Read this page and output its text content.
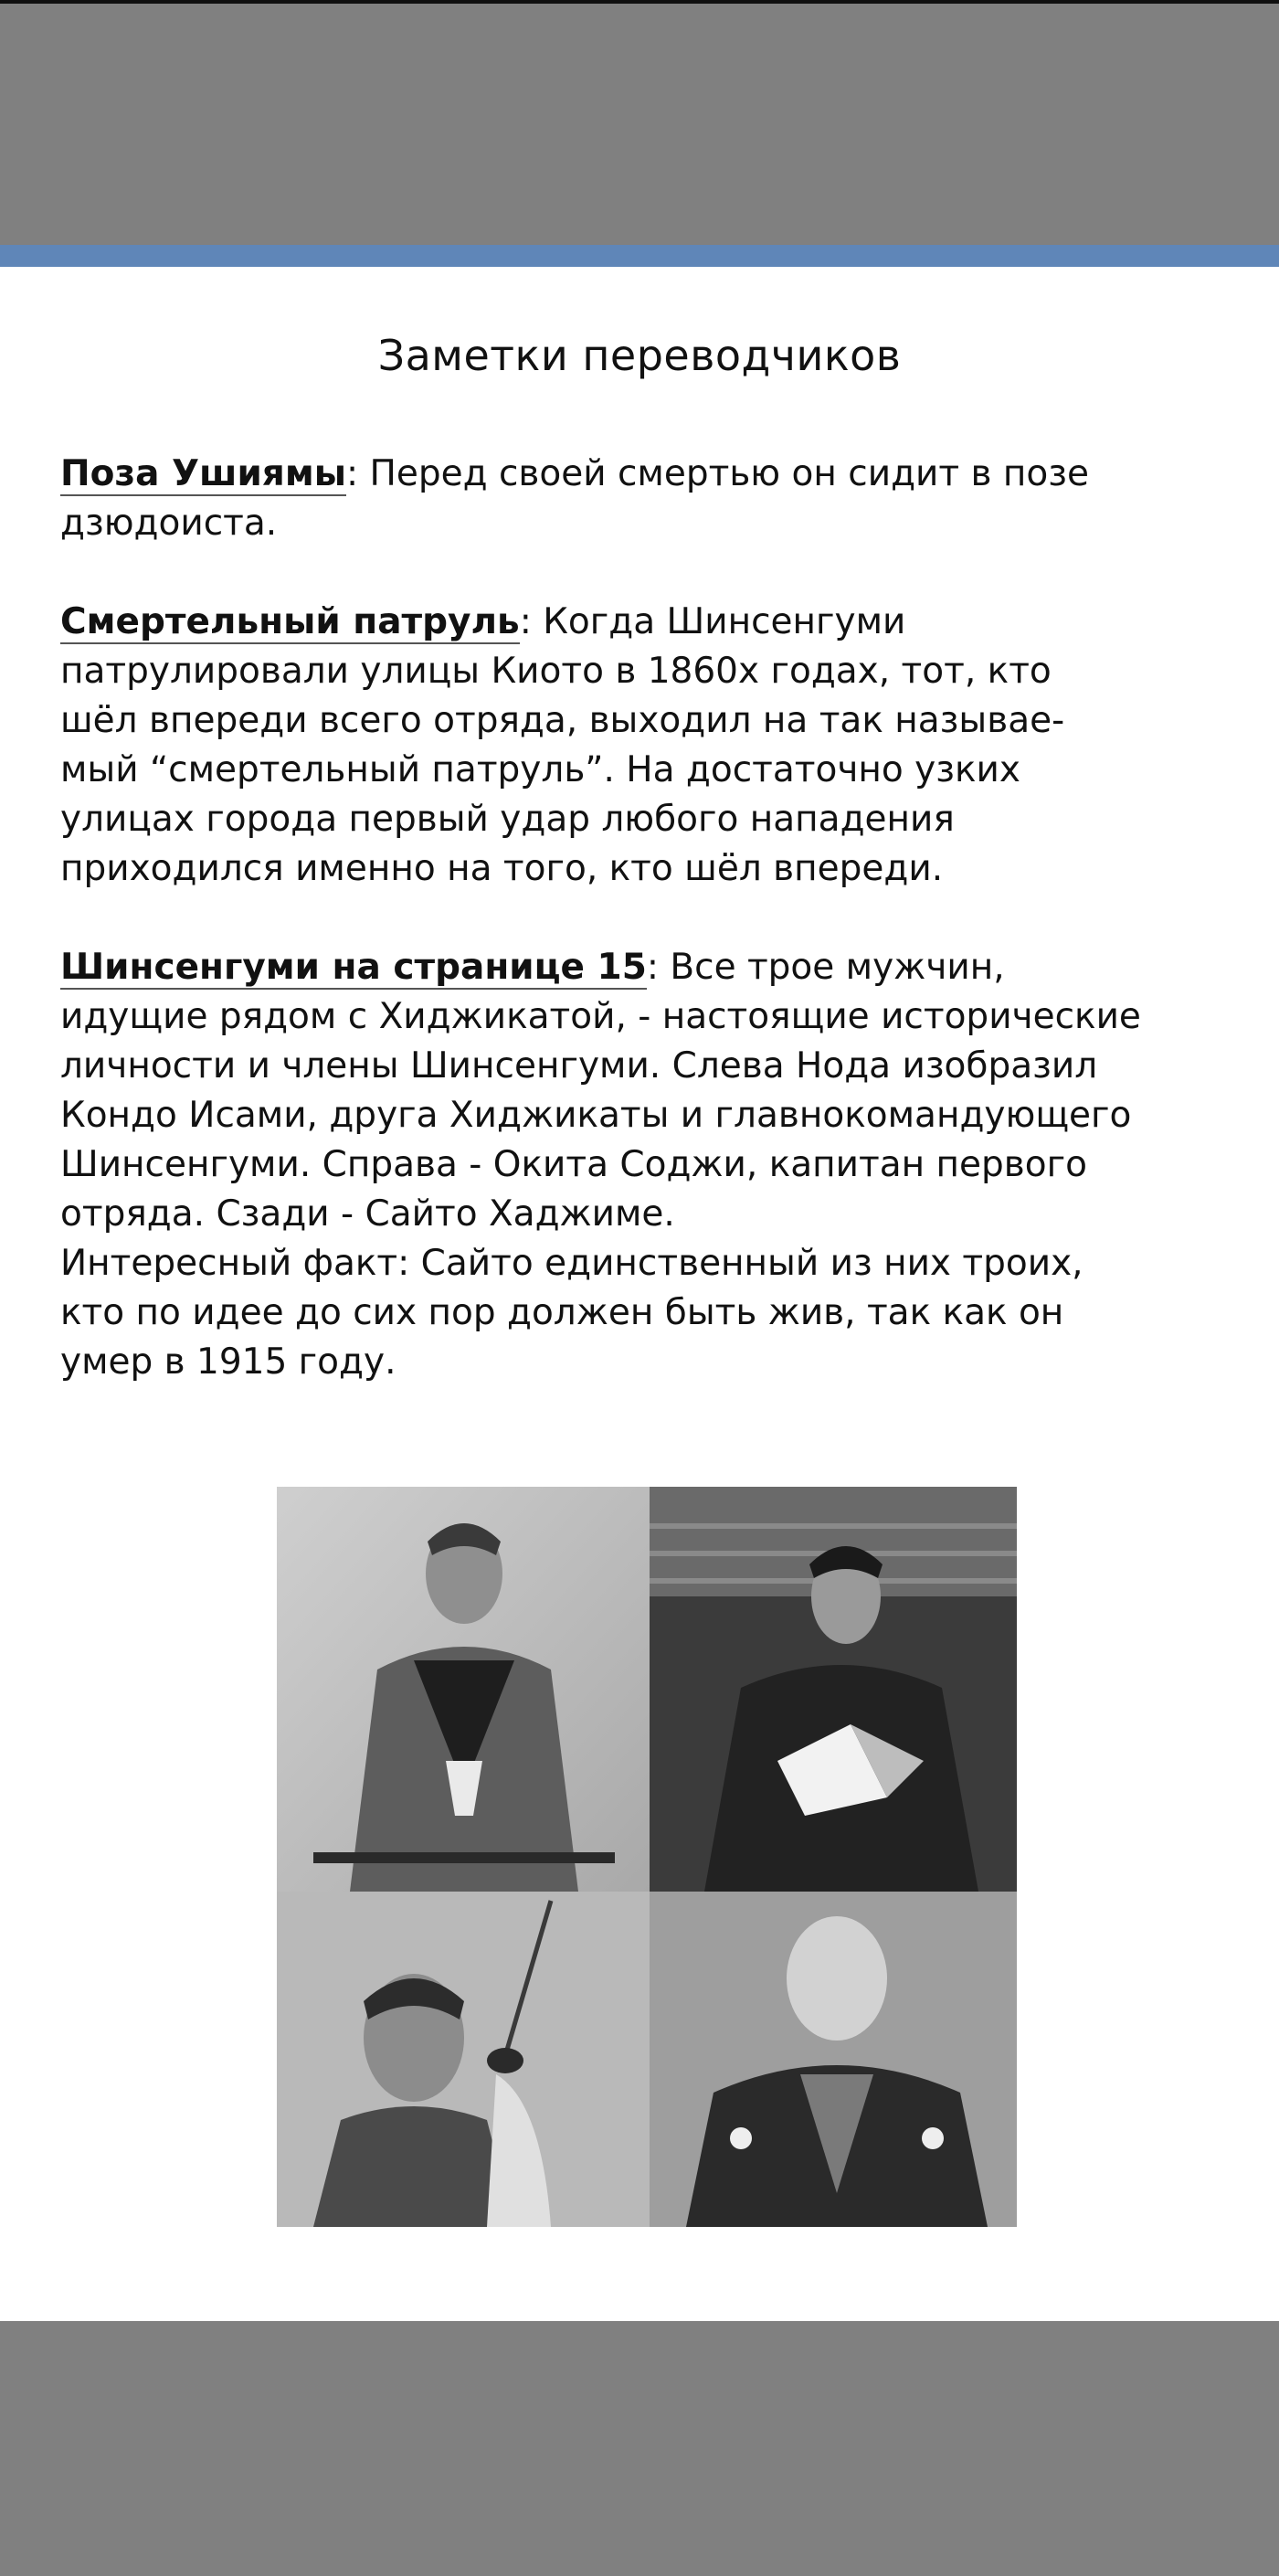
Заметки переводчиков
Поза Ушиямы: Перед своей смертью он сидит в позе
дзюдоиста.
Смертельный патруль: Когда Шинсенгуми
патрулировали улицы Киото в 1860х годах, тот, кто
шёл впереди всего отряда, выходил на так называе-
мый “смертельный патруль”. На достаточно узких
улицах города первый удар любого нападения
приходился именно на того, кто шёл впереди.
Шинсенгуми на странице 15: Все трое мужчин,
идущие рядом с Хиджикатой, - настоящие исторические
личности и члены Шинсенгуми. Слева Нода изобразил
Кондо Исами, друга Хиджикаты и главнокомандующего
Шинсенгуми. Справа - Окита Соджи, капитан первого
отряда. Сзади - Сайто Хаджиме.
Интересный факт: Сайто единственный из них троих,
кто по идее до сих пор должен быть жив, так как он
умер в 1915 году.
